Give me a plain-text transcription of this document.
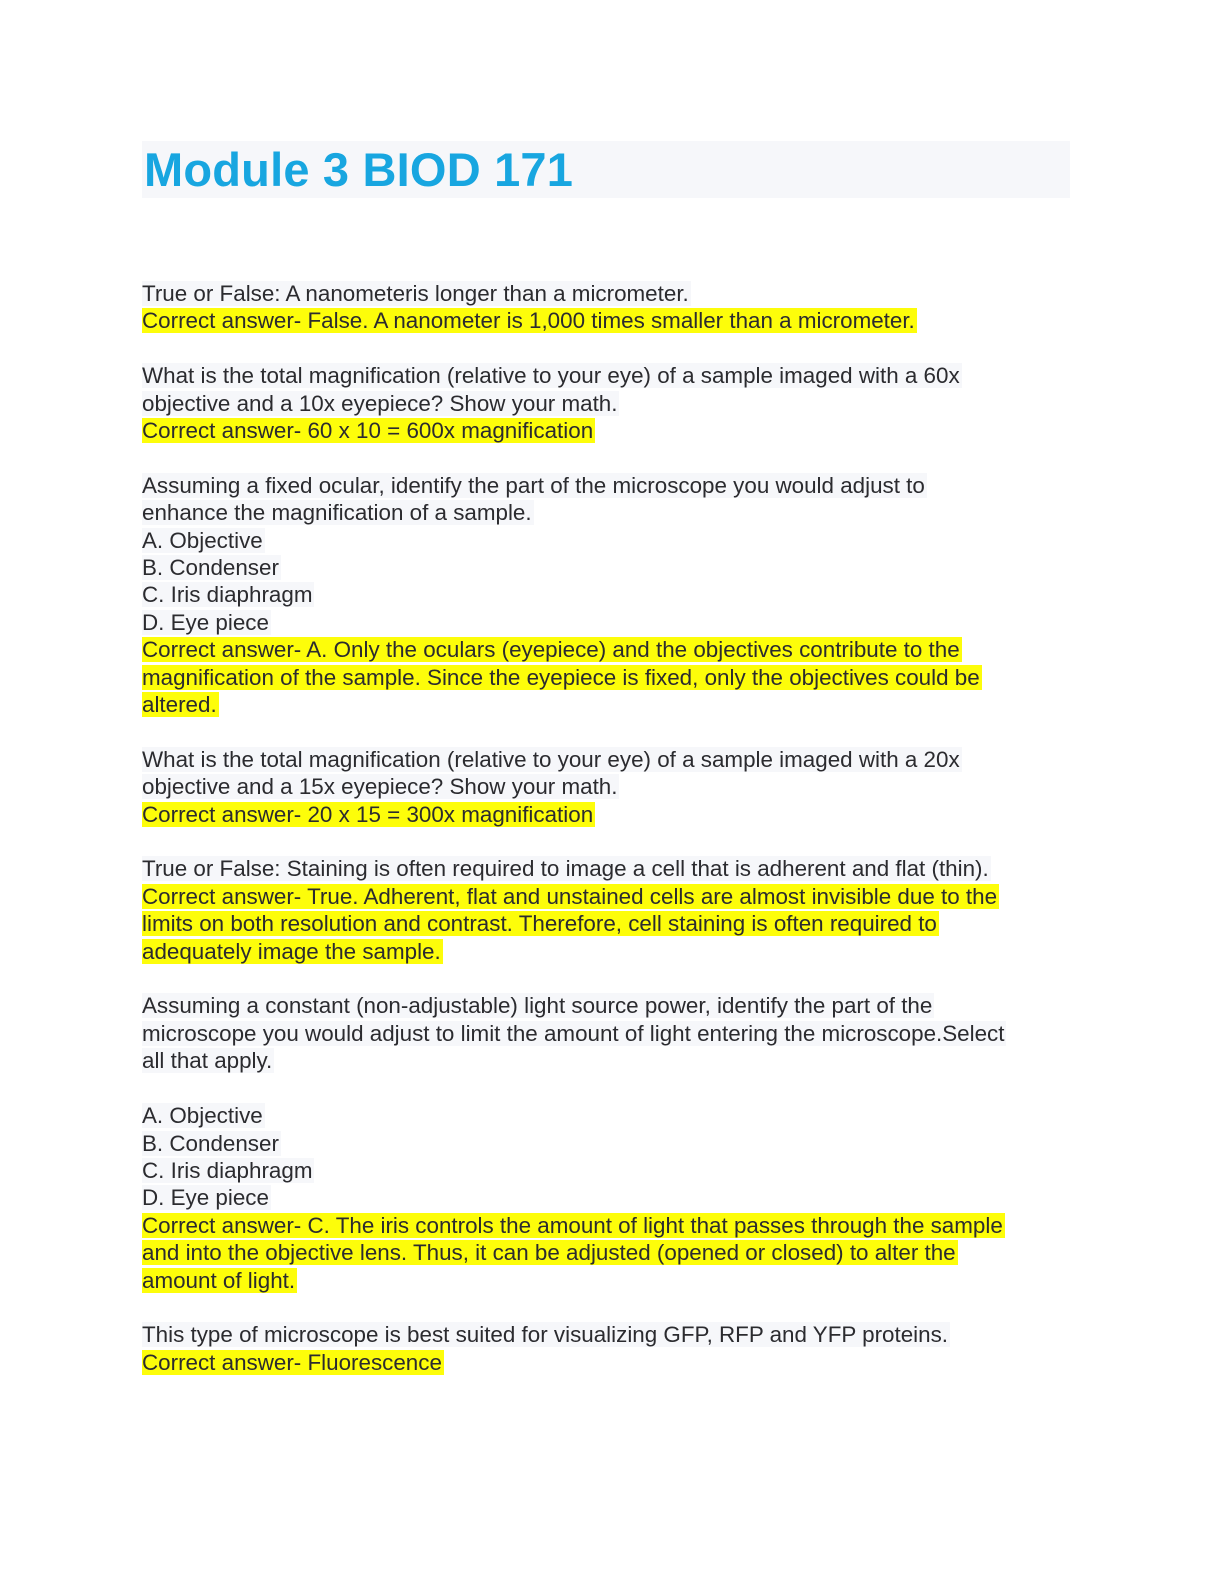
Module 3 BIOD 171
True or False: A nanometeris longer than a micrometer.
Correct answer- False. A nanometer is 1,000 times smaller than a micrometer.
What is the total magnification (relative to your eye) of a sample imaged with a 60x
objective and a 10x eyepiece? Show your math.
Correct answer- 60 x 10 = 600x magnification
Assuming a fixed ocular, identify the part of the microscope you would adjust to
enhance the magnification of a sample.
A. Objective
B. Condenser
C. Iris diaphragm
D. Eye piece
Correct answer- A. Only the oculars (eyepiece) and the objectives contribute to the
magnification of the sample. Since the eyepiece is fixed, only the objectives could be
altered.
What is the total magnification (relative to your eye) of a sample imaged with a 20x
objective and a 15x eyepiece? Show your math.
Correct answer- 20 x 15 = 300x magnification
True or False: Staining is often required to image a cell that is adherent and flat (thin).
Correct answer- True. Adherent, flat and unstained cells are almost invisible due to the
limits on both resolution and contrast. Therefore, cell staining is often required to
adequately image the sample.
Assuming a constant (non-adjustable) light source power, identify the part of the
microscope you would adjust to limit the amount of light entering the microscope.Select
all that apply.
A. Objective
B. Condenser
C. Iris diaphragm
D. Eye piece
Correct answer- C. The iris controls the amount of light that passes through the sample
and into the objective lens. Thus, it can be adjusted (opened or closed) to alter the
amount of light.
This type of microscope is best suited for visualizing GFP, RFP and YFP proteins.
Correct answer- Fluorescence
